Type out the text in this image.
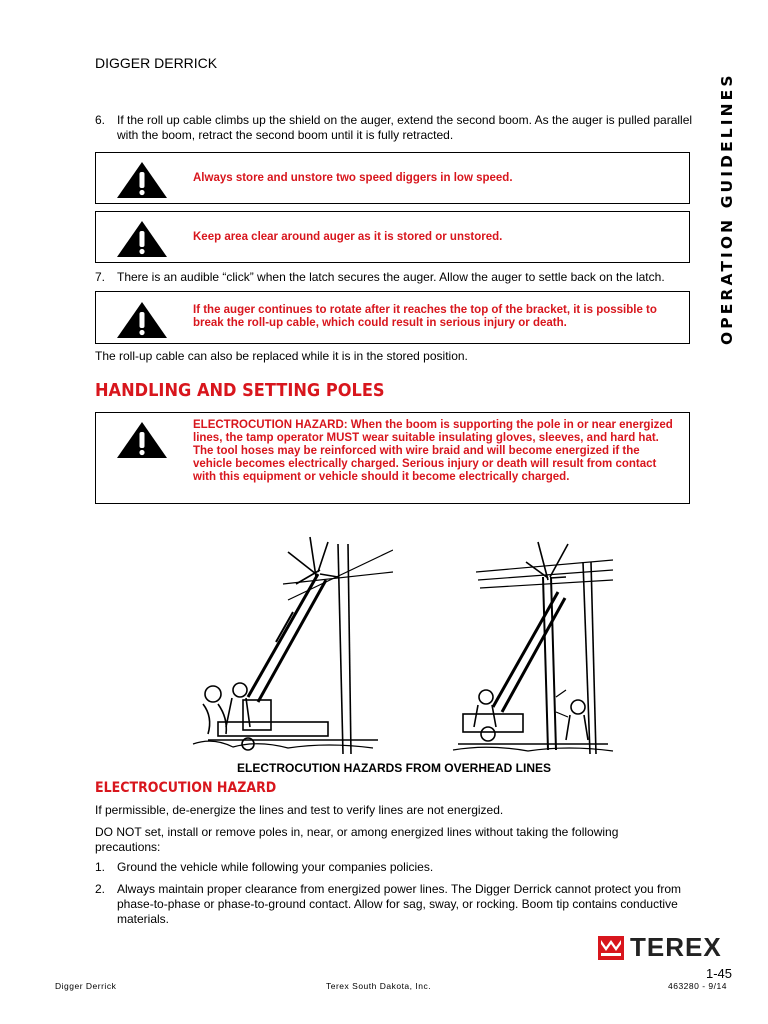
DIGGER DERRICK
OPERATION GUIDELINES
6. If the roll up cable climbs up the shield on the auger, extend the second boom. As the auger is pulled parallel with the boom, retract the second boom until it is fully retracted.
Always store and unstore two speed diggers in low speed.
Keep area clear around auger as it is stored or unstored.
7. There is an audible “click” when the latch secures the auger. Allow the auger to settle back on the latch.
If the auger continues to rotate after it reaches the top of the bracket, it is possible to break the roll-up cable, which could result in serious injury or death.
The roll-up cable can also be replaced while it is in the stored position.
HANDLING AND SETTING POLES
ELECTROCUTION HAZARD: When the boom is supporting the pole in or near energized lines, the tamp operator MUST wear suitable insulating gloves, sleeves, and hard hat. The tool hoses may be reinforced with wire braid and will become energized if the vehicle becomes electrically charged. Serious injury or death will result from contact with this equipment or vehicle should it become electrically charged.
ELECTROCUTION HAZARDS FROM OVERHEAD LINES
ELECTROCUTION HAZARD
If permissible, de-energize the lines and test to verify lines are not energized.
DO NOT set, install or remove poles in, near, or among energized lines without taking the following precautions:
1. Ground the vehicle while following your companies policies.
2. Always maintain proper clearance from energized power lines. The Digger Derrick cannot protect you from phase-to-phase or phase-to-ground contact. Allow for sag, sway, or rocking. Boom tip contains conductive materials.
TEREX
1-45
Digger Derrick	Terex South Dakota, Inc.	463280 - 9/14
